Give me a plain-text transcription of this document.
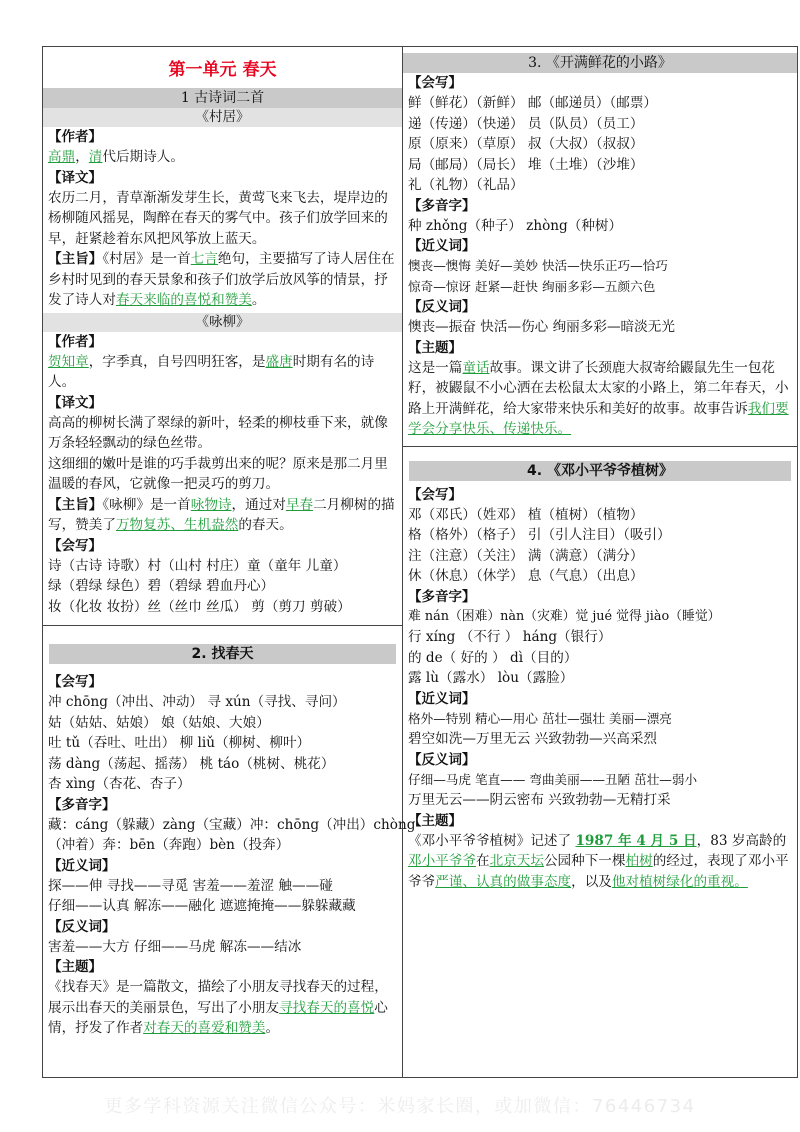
第一单元 春天
1 古诗词二首
《村居》
【作者】
高鼎，清代后期诗人。
【译文】
农历二月，青草渐渐发芽生长，黄莺飞来飞去，堤岸边的杨柳随风摇晃，陶醉在春天的雾气中。孩子们放学回来的早，赶紧趁着东风把风筝放上蓝天。
【主旨】《村居》是一首七言绝句，主要描写了诗人居住在乡村时见到的春天景象和孩子们放学后放风筝的情景，抒发了诗人对春天来临的喜悦和赞美。
《咏柳》
【作者】
贺知章，字季真，自号四明狂客，是盛唐时期有名的诗人。
【译文】
高高的柳树长满了翠绿的新叶，轻柔的柳枝垂下来，就像万条轻轻飘动的绿色丝带。
这细细的嫩叶是谁的巧手裁剪出来的呢？原来是那二月里温暖的春风，它就像一把灵巧的剪刀。
【主旨】《咏柳》是一首咏物诗，通过对早春二月柳树的描写，赞美了万物复苏、生机盎然的春天。
【会写】
诗（古诗 诗歌）村（山村 村庄）童（童年 儿童）
绿（碧绿 绿色）碧（碧绿 碧血丹心）
妆（化妆 妆扮）丝（丝巾 丝瓜） 剪（剪刀 剪破）
2. 找春天
【会写】
冲 chōng（冲出、冲动） 寻 xún（寻找、寻问）
姑（姑姑、姑娘） 娘（姑娘、大娘）
吐 tǔ（吞吐、吐出） 柳 liǔ（柳树、柳叶）
荡 dàng（荡起、摇荡） 桃 táo（桃树、桃花）
杏 xìng（杏花、杏子）
【多音字】
藏：cáng（躲藏）zàng（宝藏）冲：chōng（冲出）chòng
（冲着）奔：bēn（奔跑）bèn（投奔）
【近义词】
探——伸 寻找——寻觅 害羞——羞涩 触——碰
仔细——认真 解冻——融化 遮遮掩掩——躲躲藏藏
【反义词】
害羞——大方 仔细——马虎 解冻——结冰
【主题】
《找春天》是一篇散文，描绘了小朋友寻找春天的过程，展示出春天的美丽景色，写出了小朋友寻找春天的喜悦心情，抒发了作者对春天的喜爱和赞美。
3. 《开满鲜花的小路》
【会写】
鲜（鲜花）（新鲜） 邮（邮递员）（邮票）
递（传递）（快递） 员（队员）（员工）
原（原来）（草原） 叔（大叔）（叔叔）
局（邮局）（局长） 堆（土堆）（沙堆）
礼（礼物）（礼品）
【多音字】
种 zhǒng（种子） zhòng（种树）
【近义词】
懊丧—懊悔 美好—美妙 快活—快乐正巧—恰巧
惊奇—惊讶 赶紧—赶快 绚丽多彩—五颜六色
【反义词】
懊丧—振奋 快活—伤心 绚丽多彩—暗淡无光
【主题】
这是一篇童话故事。课文讲了长颈鹿大叔寄给鼹鼠先生一包花籽，被鼹鼠不小心洒在去松鼠太太家的小路上，第二年春天，小路上开满鲜花，给大家带来快乐和美好的故事。故事告诉我们要学会分享快乐、传递快乐。
4. 《邓小平爷爷植树》
【会写】
邓（邓氏）（姓邓） 植（植树）（植物）
格（格外）（格子） 引（引人注目）（吸引）
注（注意）（关注） 满（满意）（满分）
休（休息）（休学） 息（气息）（出息）
【多音字】
难 nán（困难）nàn（灾难）觉 jué 觉得 jiào（睡觉）
行 xíng （不行 ） háng（银行）
的 de（ 好的 ） dì（目的）
露 lù（露水） lòu（露脸）
【近义词】
格外—特别 精心—用心 茁壮—强壮 美丽—漂亮
碧空如洗—万里无云 兴致勃勃—兴高采烈
【反义词】
仔细—马虎 笔直—— 弯曲美丽——丑陋 茁壮—弱小
万里无云——阴云密布 兴致勃勃—无精打采
【主题】
《邓小平爷爷植树》记述了 1987 年 4 月 5 日，83 岁高龄的邓小平爷爷在北京天坛公园种下一棵柏树的经过，表现了邓小平爷爷严谨、认真的做事态度，以及他对植树绿化的重视。
更多学科资源关注微信公众号：米妈家长圈，或加微信：76446734
